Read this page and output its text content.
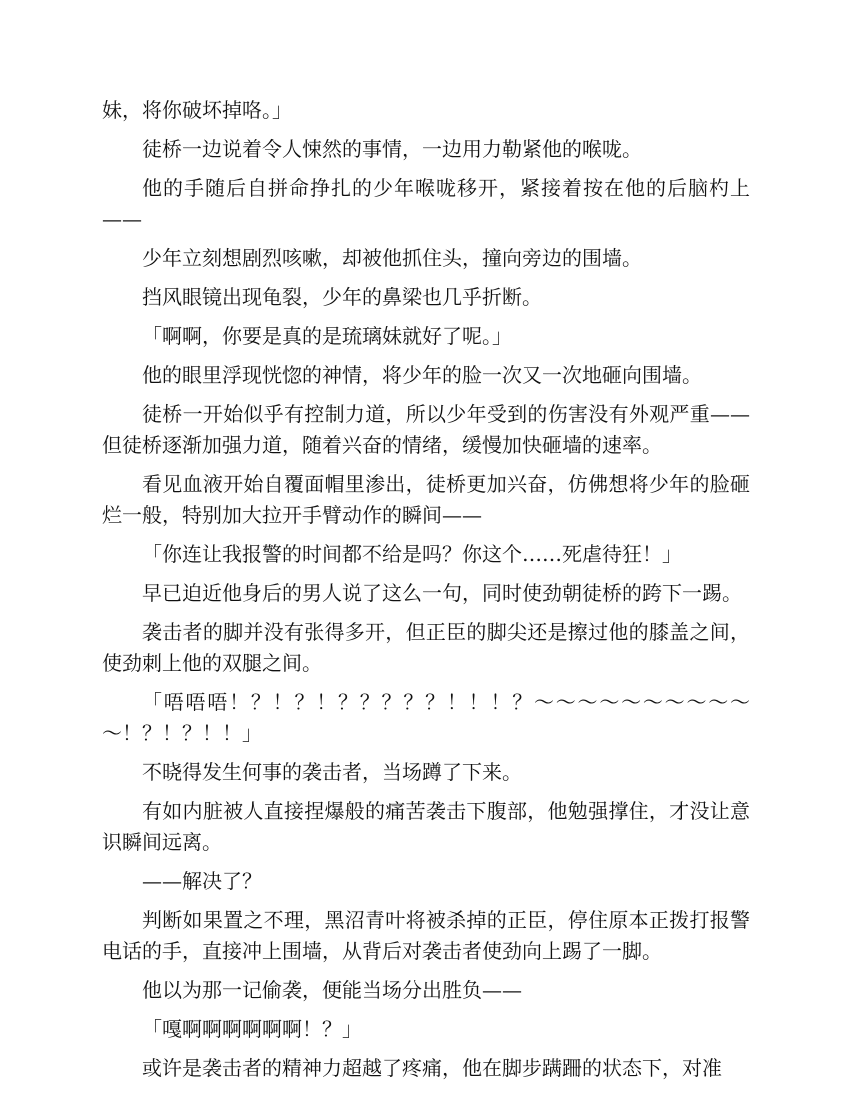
妹，将你破坏掉咯。」

徒桥一边说着令人悚然的事情，一边用力勒紧他的喉咙。

他的手随后自拼命挣扎的少年喉咙移开，紧接着按在他的后脑杓上——

少年立刻想剧烈咳嗽，却被他抓住头，撞向旁边的围墙。

挡风眼镜出现龟裂，少年的鼻梁也几乎折断。

「啊啊，你要是真的是琉璃妹就好了呢。」

他的眼里浮现恍惚的神情，将少年的脸一次又一次地砸向围墙。

徒桥一开始似乎有控制力道，所以少年受到的伤害没有外观严重——但徒桥逐渐加强力道，随着兴奋的情绪，缓慢加快砸墙的速率。

看见血液开始自覆面帽里渗出，徒桥更加兴奋，仿佛想将少年的脸砸烂一般，特别加大拉开手臂动作的瞬间——

「你连让我报警的时间都不给是吗？你这个……死虐待狂！」

早已迫近他身后的男人说了这么一句，同时使劲朝徒桥的跨下一踢。

袭击者的脚并没有张得多开，但正臣的脚尖还是擦过他的膝盖之间，使劲刺上他的双腿之间。

「唔唔唔！？！？！？？？？？！！！？～～～～～～～～～～～！？！？！！」

不晓得发生何事的袭击者，当场蹲了下来。

有如内脏被人直接捏爆般的痛苦袭击下腹部，他勉强撑住，才没让意识瞬间远离。

——解决了？

判断如果置之不理，黑沼青叶将被杀掉的正臣，停住原本正拨打报警电话的手，直接冲上围墙，从背后对袭击者使劲向上踢了一脚。

他以为那一记偷袭，便能当场分出胜负——

「嘎啊啊啊啊啊啊！？」

或许是袭击者的精神力超越了疼痛，他在脚步蹒跚的状态下，对准
